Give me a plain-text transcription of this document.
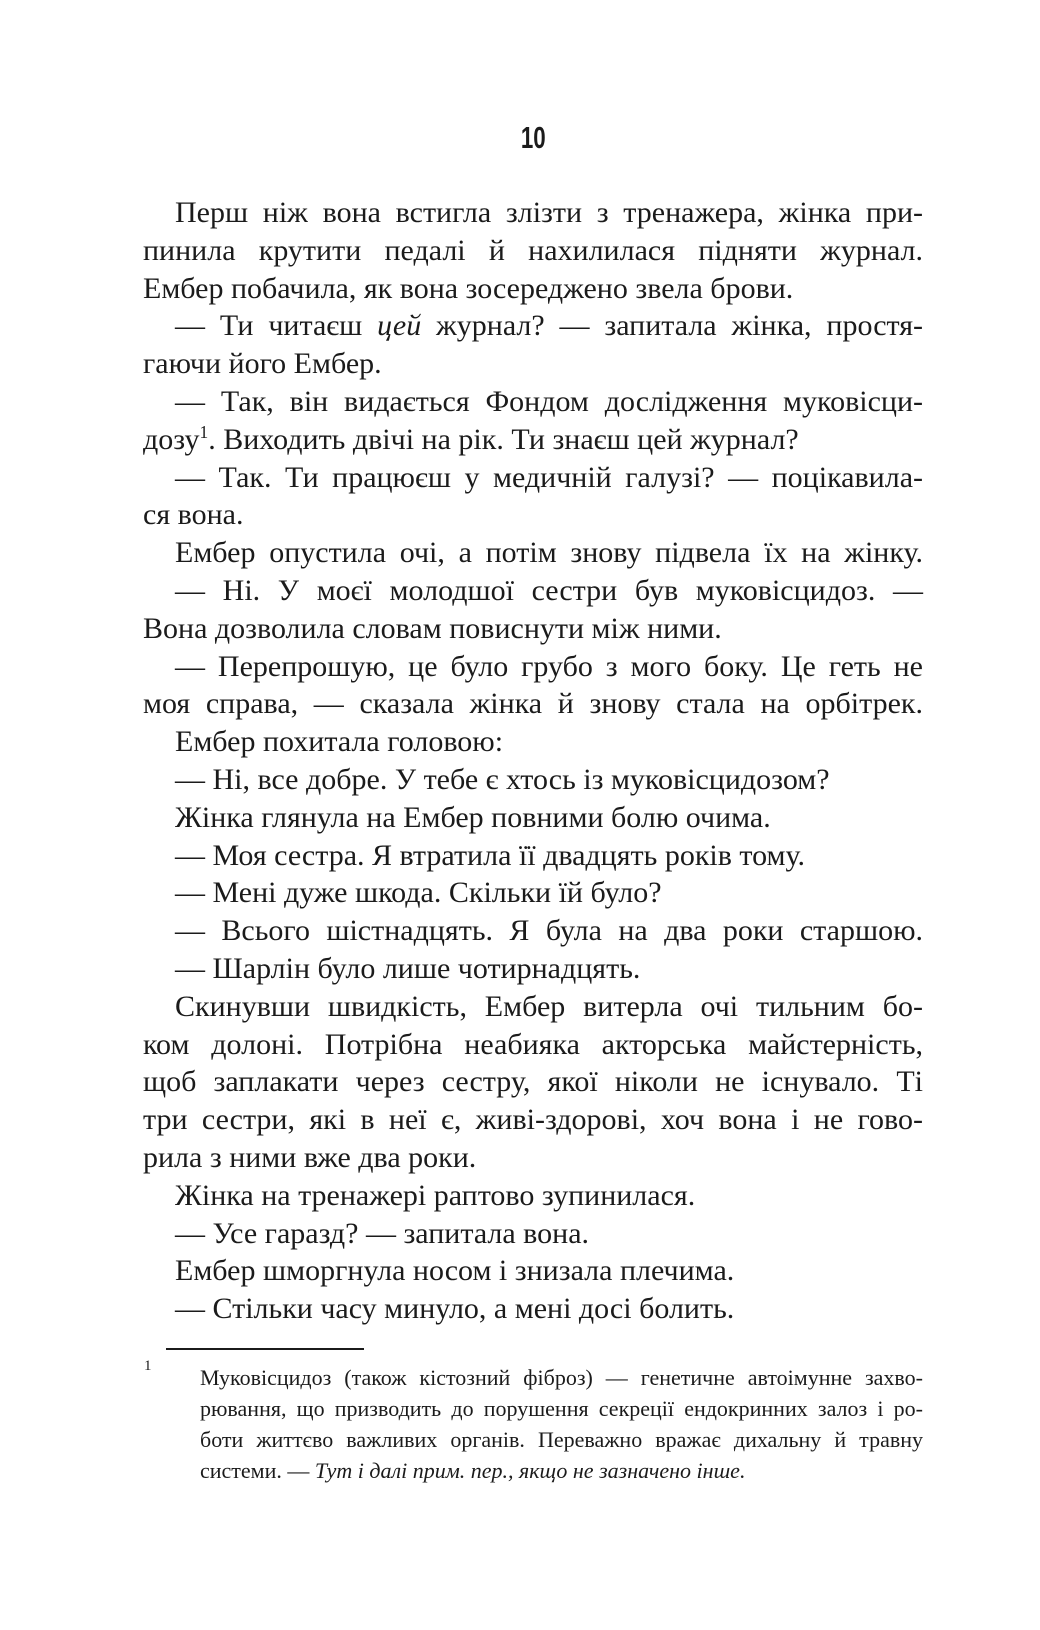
10
Перш ніж вона встигла злізти з тренажера, жінка при-
пинила крутити педалі й нахилилася підняти журнал.
Ембер побачила, як вона зосереджено звела брови.
— Ти читаєш цей журнал? — запитала жінка, простя-
гаючи його Ембер.
— Так, він видається Фондом дослідження муковісци-
дозу$^1$. Виходить двічі на рік. Ти знаєш цей журнал?
— Так. Ти працюєш у медичній галузі? — поцікавила-
ся вона.
Ембер опустила очі, а потім знову підвела їх на жінку.
— Ні. У моєї молодшої сестри був муковісцидоз. —
Вона дозволила словам повиснути між ними.
— Перепрошую, це було грубо з мого боку. Це геть не
моя справа, — сказала жінка й знову стала на орбітрек.
Ембер похитала головою:
— Ні, все добре. У тебе є хтось із муковісцидозом?
Жінка глянула на Ембер повними болю очима.
— Моя сестра. Я втратила її двадцять років тому.
— Мені дуже шкода. Скільки їй було?
— Всього шістнадцять. Я була на два роки старшою.
— Шарлін було лише чотирнадцять.
Скинувши швидкість, Ембер витерла очі тильним бо-
ком долоні. Потрібна неабияка акторська майстерність,
щоб заплакати через сестру, якої ніколи не існувало. Ті
три сестри, які в неї є, живі-здорові, хоч вона і не гово-
рила з ними вже два роки.
Жінка на тренажері раптово зупинилася.
— Усе гаразд? — запитала вона.
Ембер шморгнула носом і знизала плечима.
— Стільки часу минуло, а мені досі болить.
1 Муковісцидоз (також кістозний фіброз) — генетичне автоімунне захво-
рювання, що призводить до порушення секреції ендокринних залоз і ро-
боти життєво важливих органів. Переважно вражає дихальну й травну
системи. — Тут і далі прим. пер., якщо не зазначено інше.
